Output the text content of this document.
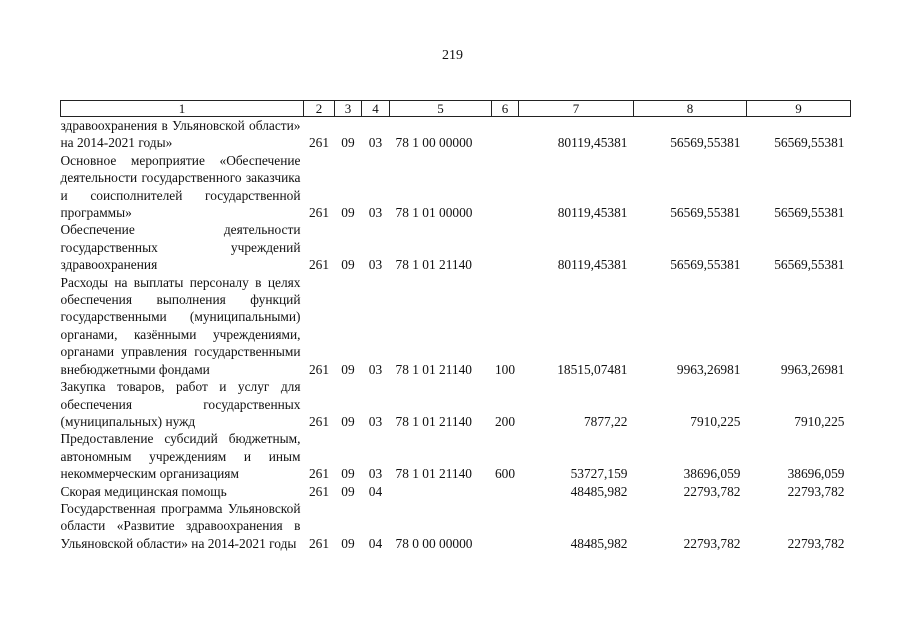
219
1	2	3	4	5	6	7	8	9
здравоохранения в Ульяновской области» на 2014-2021 годы»	261	09	03	78 1 00 00000		80119,45381	56569,55381	56569,55381
Основное мероприятие «Обеспечение деятельности государственного заказчика и соисполнителей государственной программы»	261	09	03	78 1 01 00000		80119,45381	56569,55381	56569,55381
Обеспечение деятельности государственных учреждений здравоохранения	261	09	03	78 1 01 21140		80119,45381	56569,55381	56569,55381
Расходы на выплаты персоналу в целях обеспечения выполнения функций государственными (муниципальными) органами, казёнными учреждениями, органами управления государственными внебюджетными фондами	261	09	03	78 1 01 21140	100	18515,07481	9963,26981	9963,26981
Закупка товаров, работ и услуг для обеспечения государственных (муниципальных) нужд	261	09	03	78 1 01 21140	200	7877,22	7910,225	7910,225
Предоставление субсидий бюджетным, автономным учреждениям и иным некоммерческим организациям	261	09	03	78 1 01 21140	600	53727,159	38696,059	38696,059
Скорая медицинская помощь	261	09	04			48485,982	22793,782	22793,782
Государственная программа Ульяновской области «Развитие здравоохранения в Ульяновской области» на 2014-2021 годы	261	09	04	78 0 00 00000		48485,982	22793,782	22793,782
